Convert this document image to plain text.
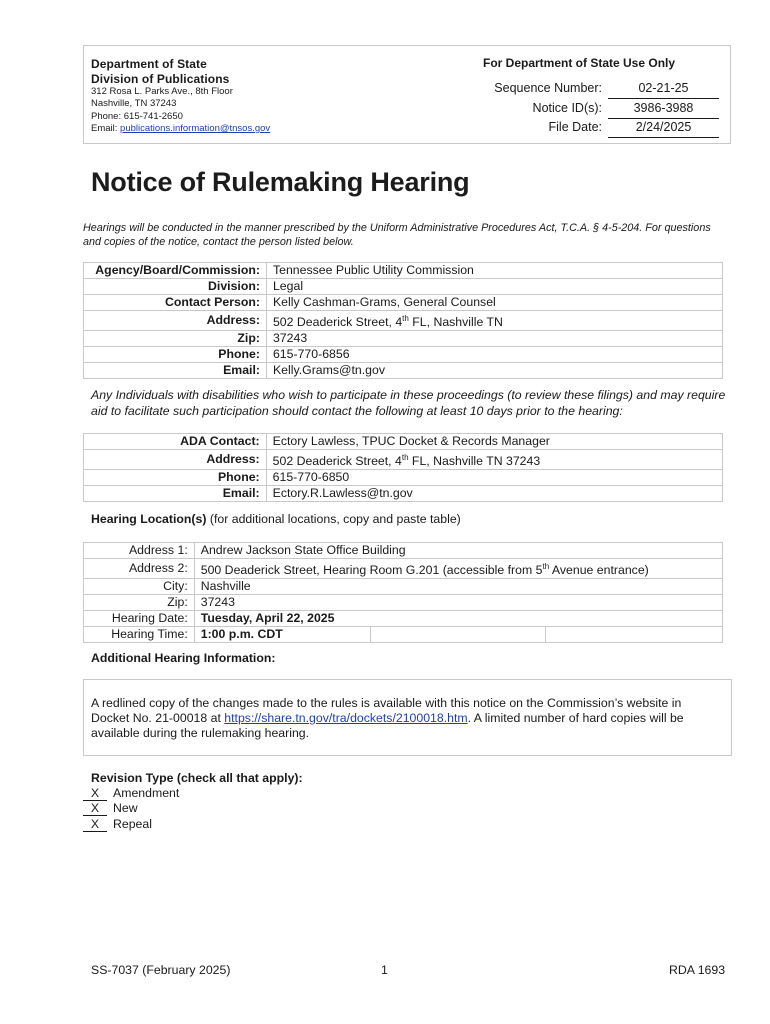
Department of State
Division of Publications
312 Rosa L. Parks Ave., 8th Floor
Nashville, TN 37243
Phone: 615-741-2650
Email: publications.information@tnsos.gov
For Department of State Use Only
Sequence Number:	02-21-25
Notice ID(s):	3986-3988
File Date:	2/24/2025
Notice of Rulemaking Hearing
Hearings will be conducted in the manner prescribed by the Uniform Administrative Procedures Act, T.C.A. § 4-5-204. For questions and copies of the notice, contact the person listed below.
Agency/Board/Commission:	Tennessee Public Utility Commission
Division:	Legal
Contact Person:	Kelly Cashman-Grams, General Counsel
Address:	502 Deaderick Street, 4th FL, Nashville TN
Zip:	37243
Phone:	615-770-6856
Email:	Kelly.Grams@tn.gov
Any Individuals with disabilities who wish to participate in these proceedings (to review these filings) and may require aid to facilitate such participation should contact the following at least 10 days prior to the hearing:
ADA Contact:	Ectory Lawless, TPUC Docket & Records Manager
Address:	502 Deaderick Street, 4th FL, Nashville TN 37243
Phone:	615-770-6850
Email:	Ectory.R.Lawless@tn.gov
Hearing Location(s) (for additional locations, copy and paste table)
Address 1:	Andrew Jackson State Office Building		
Address 2:	500 Deaderick Street, Hearing Room G.201 (accessible from 5th Avenue entrance)		
City:	Nashville		
Zip:	37243		
Hearing Date:	Tuesday, April 22, 2025		
Hearing Time:	1:00 p.m. CDT		
Additional Hearing Information:

A redlined copy of the changes made to the rules is available with this notice on the Commission’s website in Docket No. 21-00018 at https://share.tn.gov/tra/dockets/2100018.htm. A limited number of hard copies will be available during the rulemaking hearing.

Revision Type (check all that apply):
X Amendment
X New
X Repeal
SS-7037 (February 2025)	1	RDA 1693
